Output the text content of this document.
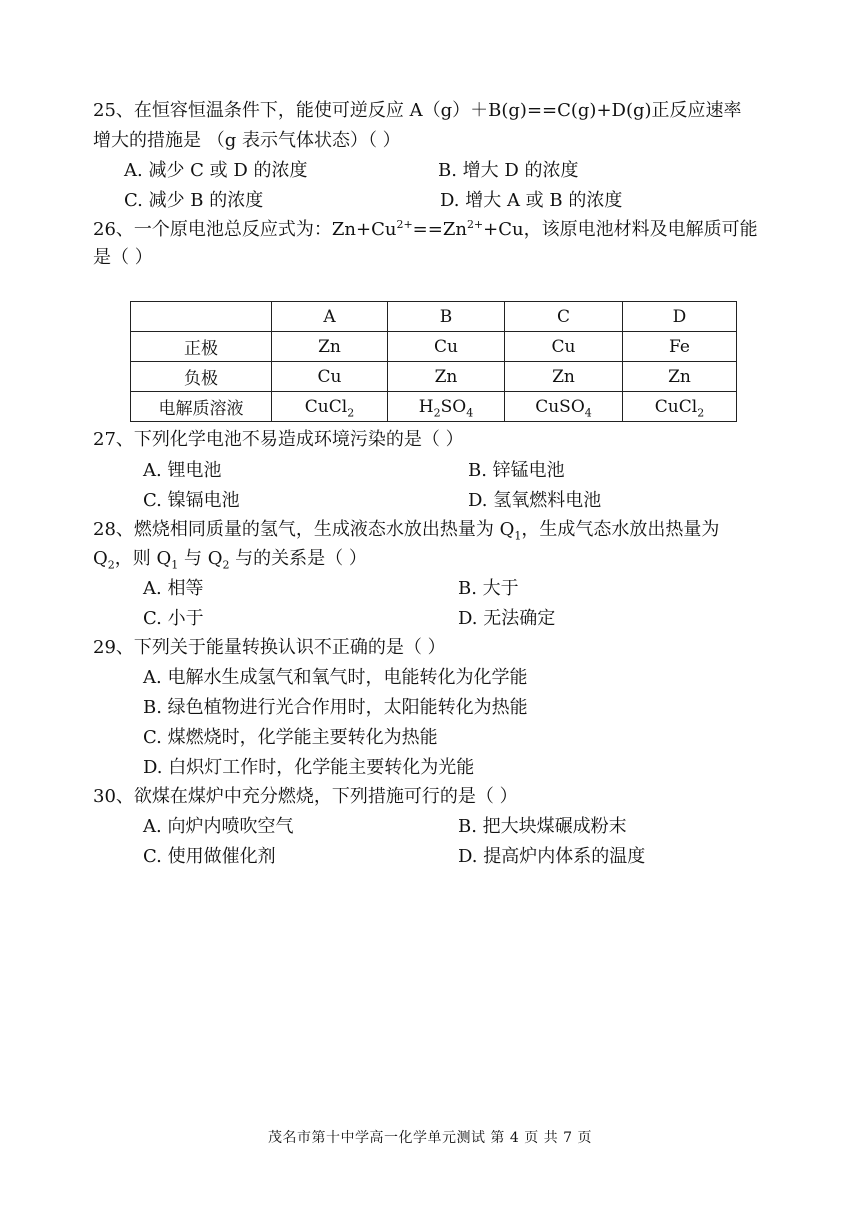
25、在恒容恒温条件下，能使可逆反应 A（g）＋B(g)==C(g)+D(g)正反应速率
增大的措施是 （g 表示气体状态）（ ）
A. 减少 C 或 D 的浓度	B. 增大 D 的浓度
C. 减少 B 的浓度	D. 增大 A 或 B 的浓度
26、一个原电池总反应式为：$Zn+Cu^{2+}==Zn^{2+}+Cu$，该原电池材料及电解质可能
是（ ）
	A	B	C	D
正极	Zn	Cu	Cu	Fe
负极	Cu	Zn	Zn	Zn
电解质溶液	CuCl$_2$	$H_2SO_4$	CuSO$_4$	CuCl$_2$
27、下列化学电池不易造成环境污染的是（ ）
A. 锂电池	B. 锌锰电池
C. 镍镉电池	D. 氢氧燃料电池
28、燃烧相同质量的氢气，生成液态水放出热量为 $Q_1$，生成气态水放出热量为
$Q_2$，则 $Q_1$ 与 $Q_2$ 与的关系是（ ）
A. 相等	B. 大于
C. 小于	D. 无法确定
29、下列关于能量转换认识不正确的是（ ）
A. 电解水生成氢气和氧气时，电能转化为化学能
B. 绿色植物进行光合作用时，太阳能转化为热能
C. 煤燃烧时，化学能主要转化为热能
D. 白炽灯工作时，化学能主要转化为光能
30、欲煤在煤炉中充分燃烧，下列措施可行的是（ ）
A. 向炉内喷吹空气	B. 把大块煤碾成粉末
C. 使用做催化剂	D. 提高炉内体系的温度
茂名市第十中学高一化学单元测试 第 4 页 共 7 页
